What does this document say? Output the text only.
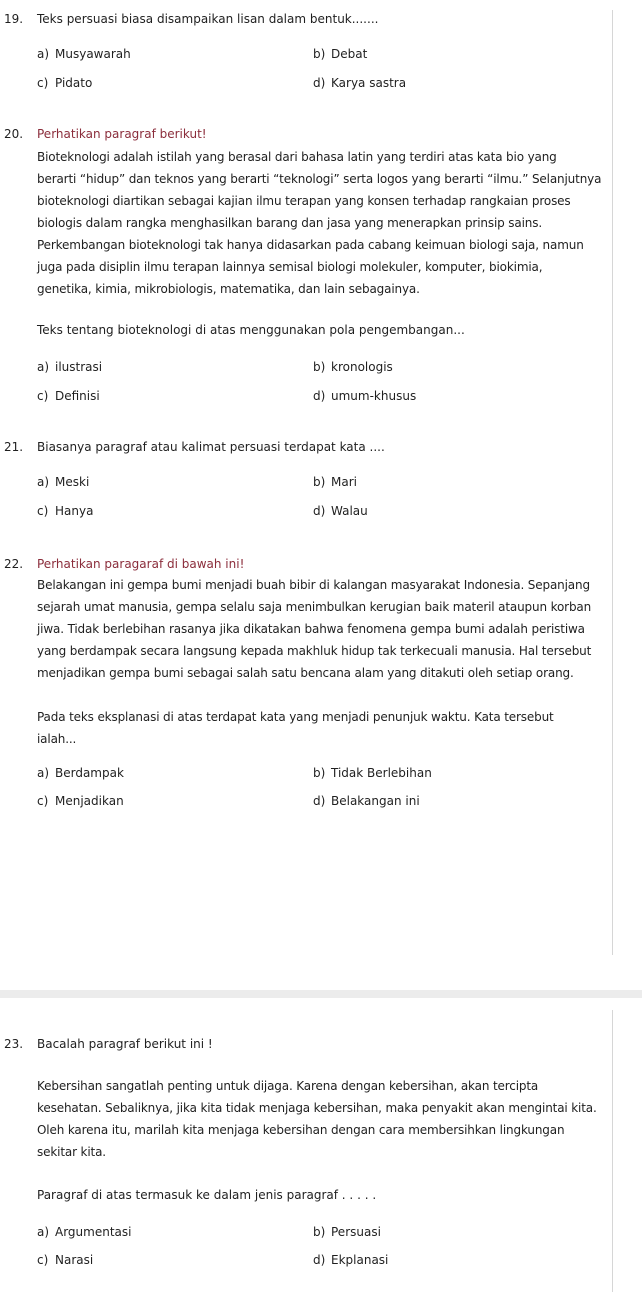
19. Teks persuasi biasa disampaikan lisan dalam bentuk.......
a) Musyawarah	b) Debat
c) Pidato	d) Karya sastra
20. Perhatikan paragraf berikut!
Bioteknologi adalah istilah yang berasal dari bahasa latin yang terdiri atas kata bio yang
berarti “hidup” dan teknos yang berarti “teknologi” serta logos yang berarti “ilmu.” Selanjutnya
bioteknologi diartikan sebagai kajian ilmu terapan yang konsen terhadap rangkaian proses
biologis dalam rangka menghasilkan barang dan jasa yang menerapkan prinsip sains.
Perkembangan bioteknologi tak hanya didasarkan pada cabang keimuan biologi saja, namun
juga pada disiplin ilmu terapan lainnya semisal biologi molekuler, komputer, biokimia,
genetika, kimia, mikrobiologis, matematika, dan lain sebagainya.
Teks tentang bioteknologi di atas menggunakan pola pengembangan...
a) ilustrasi	b) kronologis
c) Definisi	d) umum-khusus
21. Biasanya paragraf atau kalimat persuasi terdapat kata ....
a) Meski	b) Mari
c) Hanya	d) Walau
22. Perhatikan paragaraf di bawah ini!
Belakangan ini gempa bumi menjadi buah bibir di kalangan masyarakat Indonesia. Sepanjang
sejarah umat manusia, gempa selalu saja menimbulkan kerugian baik materil ataupun korban
jiwa. Tidak berlebihan rasanya jika dikatakan bahwa fenomena gempa bumi adalah peristiwa
yang berdampak secara langsung kepada makhluk hidup tak terkecuali manusia. Hal tersebut
menjadikan gempa bumi sebagai salah satu bencana alam yang ditakuti oleh setiap orang.
Pada teks eksplanasi di atas terdapat kata yang menjadi penunjuk waktu. Kata tersebut
ialah...
a) Berdampak	b) Tidak Berlebihan
c) Menjadikan	d) Belakangan ini
23. Bacalah paragraf berikut ini !
Kebersihan sangatlah penting untuk dijaga. Karena dengan kebersihan, akan tercipta
kesehatan. Sebaliknya, jika kita tidak menjaga kebersihan, maka penyakit akan mengintai kita.
Oleh karena itu, marilah kita menjaga kebersihan dengan cara membersihkan lingkungan
sekitar kita.
Paragraf di atas termasuk ke dalam jenis paragraf . . . . .
a) Argumentasi	b) Persuasi
c) Narasi	d) Ekplanasi
